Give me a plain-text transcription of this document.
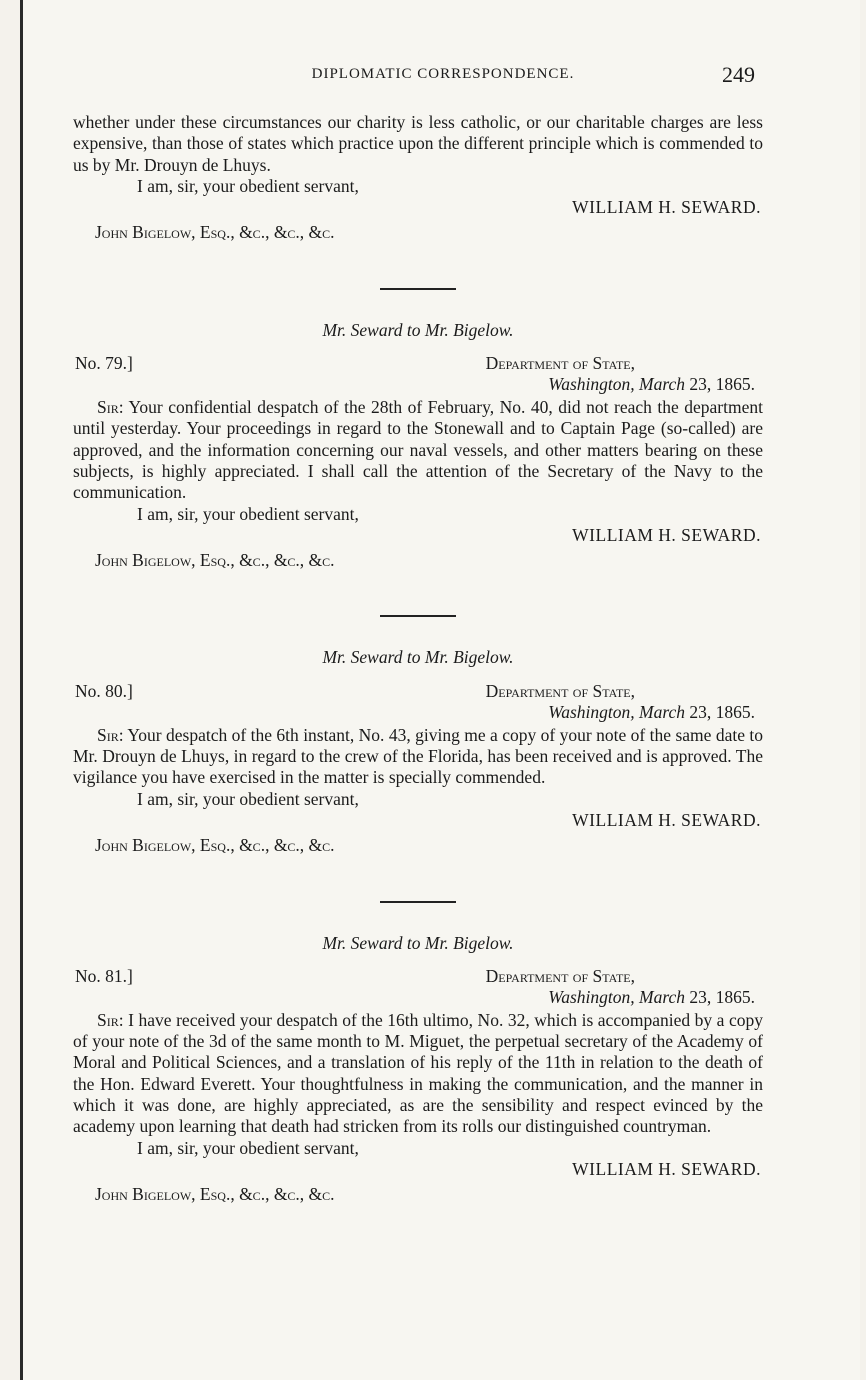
DIPLOMATIC CORRESPONDENCE.	249

whether under these circumstances our charity is less catholic, or our charitable charges are less expensive, than those of states which practice upon the different principle which is commended to us by Mr. Drouyn de Lhuys.

I am, sir, your obedient servant,

WILLIAM H. SEWARD.

John Bigelow, Esq., &c., &c., &c.

Mr. Seward to Mr. Bigelow.

No. 79.]	Department of State,
Washington, March 23, 1865.

Sir: Your confidential despatch of the 28th of February, No. 40, did not reach the department until yesterday. Your proceedings in regard to the Stonewall and to Captain Page (so-called) are approved, and the information concerning our naval vessels, and other matters bearing on these subjects, is highly appreciated. I shall call the attention of the Secretary of the Navy to the communication.

I am, sir, your obedient servant,

WILLIAM H. SEWARD.

John Bigelow, Esq., &c., &c., &c.

Mr. Seward to Mr. Bigelow.

No. 80.]	Department of State,
Washington, March 23, 1865.

Sir: Your despatch of the 6th instant, No. 43, giving me a copy of your note of the same date to Mr. Drouyn de Lhuys, in regard to the crew of the Florida, has been received and is approved. The vigilance you have exercised in the matter is specially commended.

I am, sir, your obedient servant,

WILLIAM H. SEWARD.

John Bigelow, Esq., &c., &c., &c.

Mr. Seward to Mr. Bigelow.

No. 81.]	Department of State,
Washington, March 23, 1865.

Sir: I have received your despatch of the 16th ultimo, No. 32, which is accompanied by a copy of your note of the 3d of the same month to M. Miguet, the perpetual secretary of the Academy of Moral and Political Sciences, and a translation of his reply of the 11th in relation to the death of the Hon. Edward Everett. Your thoughtfulness in making the communication, and the manner in which it was done, are highly appreciated, as are the sensibility and respect evinced by the academy upon learning that death had stricken from its rolls our distinguished countryman.

I am, sir, your obedient servant,

WILLIAM H. SEWARD.

John Bigelow, Esq., &c., &c., &c.
